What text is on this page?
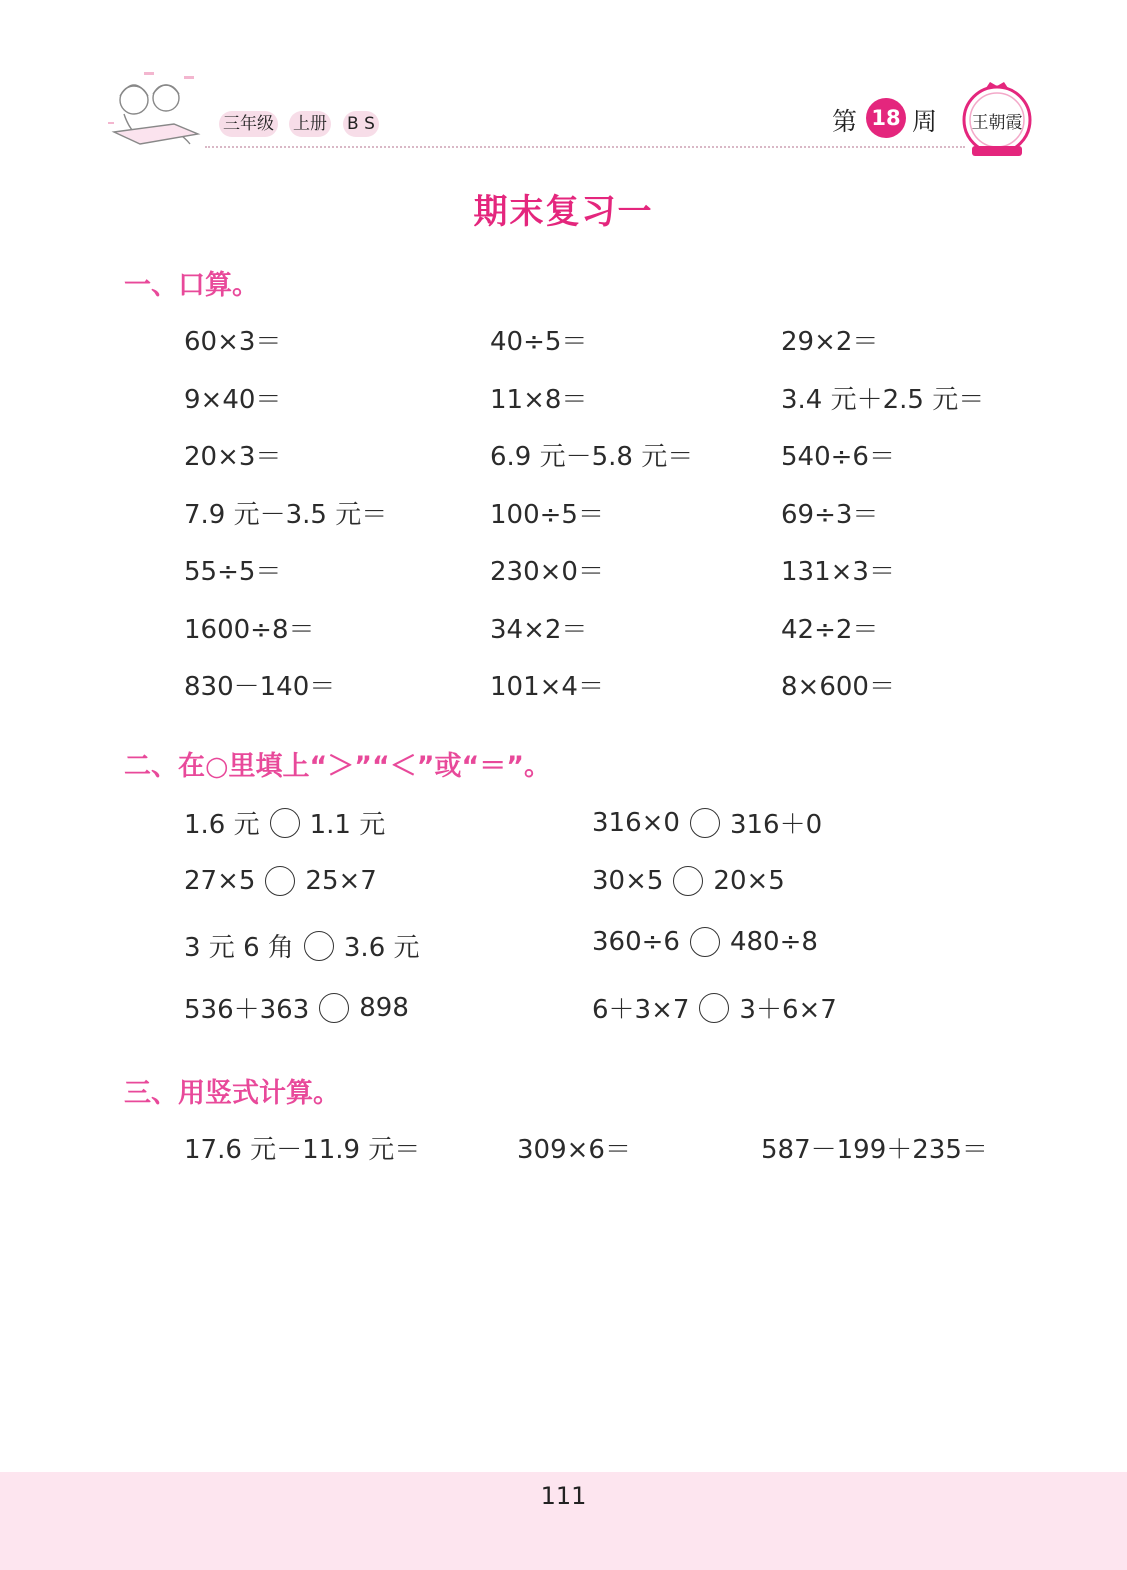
三年级 上册 B S	第 18 周 王朝霞
期末复习一
一、口算。
60×3＝	40÷5＝	29×2＝
9×40＝	11×8＝	3.4 元＋2.5 元＝
20×3＝	6.9 元－5.8 元＝	540÷6＝
7.9 元－3.5 元＝	100÷5＝	69÷3＝
55÷5＝	230×0＝	131×3＝
1600÷8＝	34×2＝	42÷2＝
830－140＝	101×4＝	8×600＝
二、在○里填上“＞”“＜”或“＝”。
1.6 元 1.1 元	316×0 316＋0
27×5 25×7	30×5 20×5
3 元 6 角 3.6 元	360÷6 480÷8
536＋363 898	6＋3×7 3＋6×7
三、用竖式计算。
17.6 元－11.9 元＝	309×6＝	587－199＋235＝
111
